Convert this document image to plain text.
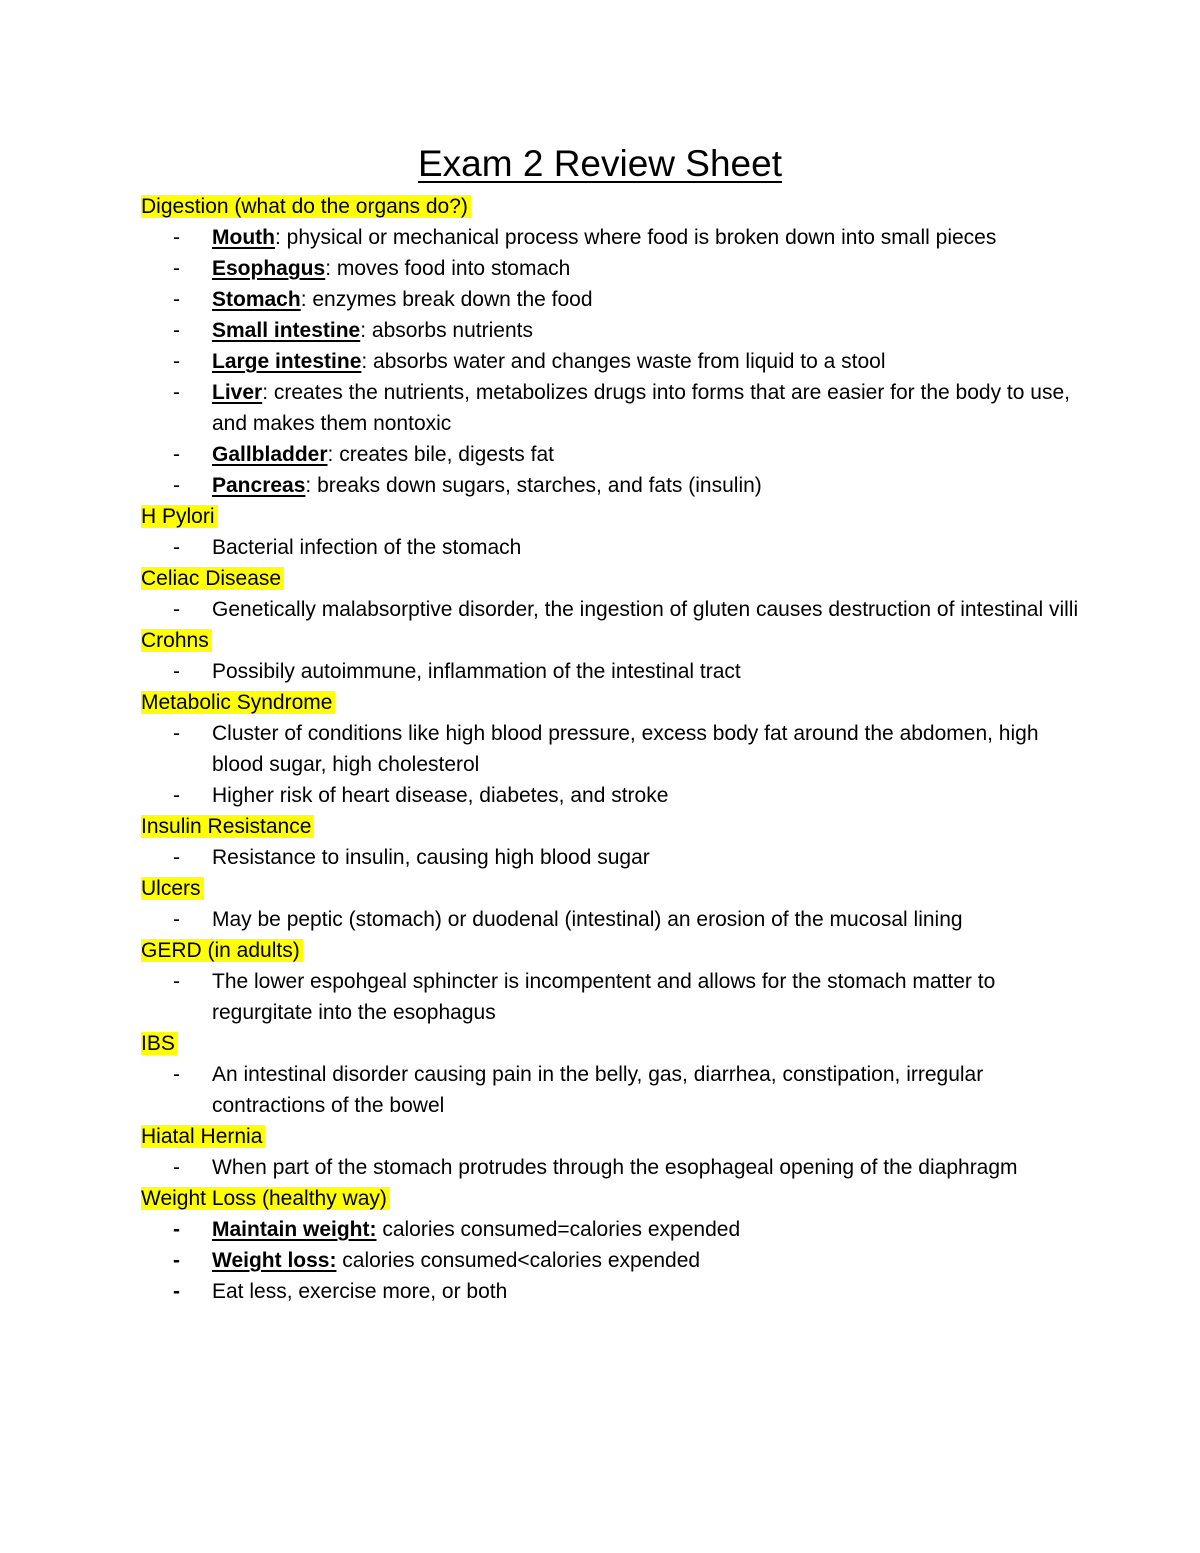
Exam 2 Review Sheet
Digestion (what do the organs do?)
-	Mouth: physical or mechanical process where food is broken down into small pieces
-	Esophagus: moves food into stomach
-	Stomach: enzymes break down the food
-	Small intestine: absorbs nutrients
-	Large intestine: absorbs water and changes waste from liquid to a stool
-	Liver: creates the nutrients, metabolizes drugs into forms that are easier for the body to use, and makes them nontoxic
-	Gallbladder: creates bile, digests fat
-	Pancreas: breaks down sugars, starches, and fats (insulin)
H Pylori
-	Bacterial infection of the stomach
Celiac Disease
-	Genetically malabsorptive disorder, the ingestion of gluten causes destruction of intestinal villi
Crohns
-	Possibily autoimmune, inflammation of the intestinal tract
Metabolic Syndrome
-	Cluster of conditions like high blood pressure, excess body fat around the abdomen, high blood sugar, high cholesterol
-	Higher risk of heart disease, diabetes, and stroke
Insulin Resistance
-	Resistance to insulin, causing high blood sugar
Ulcers
-	May be peptic (stomach) or duodenal (intestinal) an erosion of the mucosal lining
GERD (in adults)
-	The lower espohgeal sphincter is incompentent and allows for the stomach matter to regurgitate into the esophagus
IBS
-	An intestinal disorder causing pain in the belly, gas, diarrhea, constipation, irregular contractions of the bowel
Hiatal Hernia
-	When part of the stomach protrudes through the esophageal opening of the diaphragm
Weight Loss (healthy way)
-	Maintain weight: calories consumed=calories expended
-	Weight loss: calories consumed<calories expended
-	Eat less, exercise more, or both
